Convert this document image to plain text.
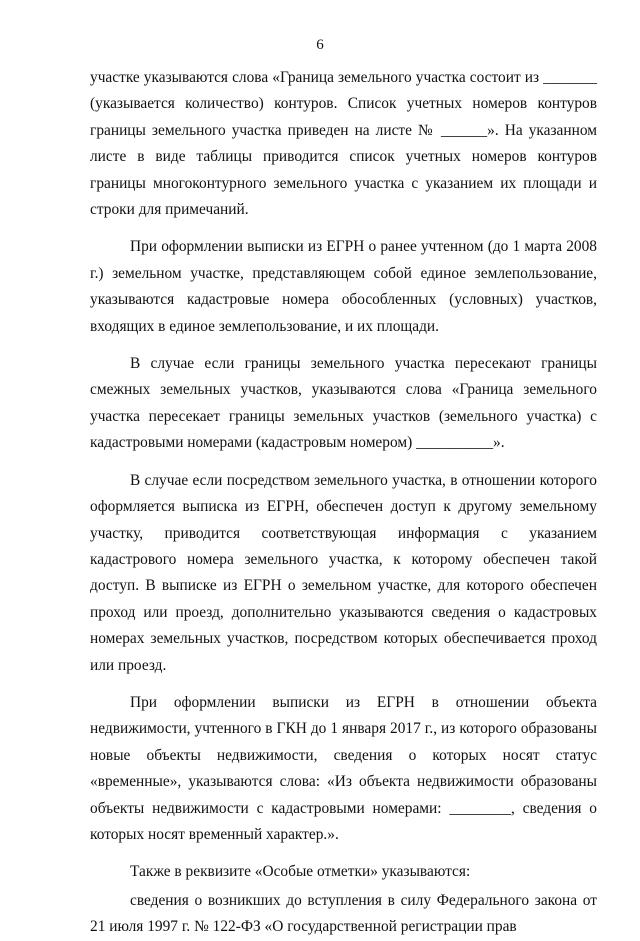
6

участке указываются слова «Граница земельного участка состоит из _______ (указывается количество) контуров. Список учетных номеров контуров границы земельного участка приведен на листе № ______». На указанном листе в виде таблицы приводится список учетных номеров контуров границы многоконтурного земельного участка с указанием их площади и строки для примечаний.

При оформлении выписки из ЕГРН о ранее учтенном (до 1 марта 2008 г.) земельном участке, представляющем собой единое землепользование, указываются кадастровые номера обособленных (условных) участков, входящих в единое землепользование, и их площади.

В случае если границы земельного участка пересекают границы смежных земельных участков, указываются слова «Граница земельного участка пересекает границы земельных участков (земельного участка) с кадастровыми номерами (кадастровым номером) __________».

В случае если посредством земельного участка, в отношении которого оформляется выписка из ЕГРН, обеспечен доступ к другому земельному участку, приводится соответствующая информация с указанием кадастрового номера земельного участка, к которому обеспечен такой доступ. В выписке из ЕГРН о земельном участке, для которого обеспечен проход или проезд, дополнительно указываются сведения о кадастровых номерах земельных участков, посредством которых обеспечивается проход или проезд.

При оформлении выписки из ЕГРН в отношении объекта недвижимости, учтенного в ГКН до 1 января 2017 г., из которого образованы новые объекты недвижимости, сведения о которых носят статус «временные», указываются слова: «Из объекта недвижимости образованы объекты недвижимости с кадастровыми номерами: ________, сведения о которых носят временный характер.».

Также в реквизите «Особые отметки» указываются:

сведения о возникших до вступления в силу Федерального закона от 21 июля 1997 г. № 122-ФЗ «О государственной регистрации прав
